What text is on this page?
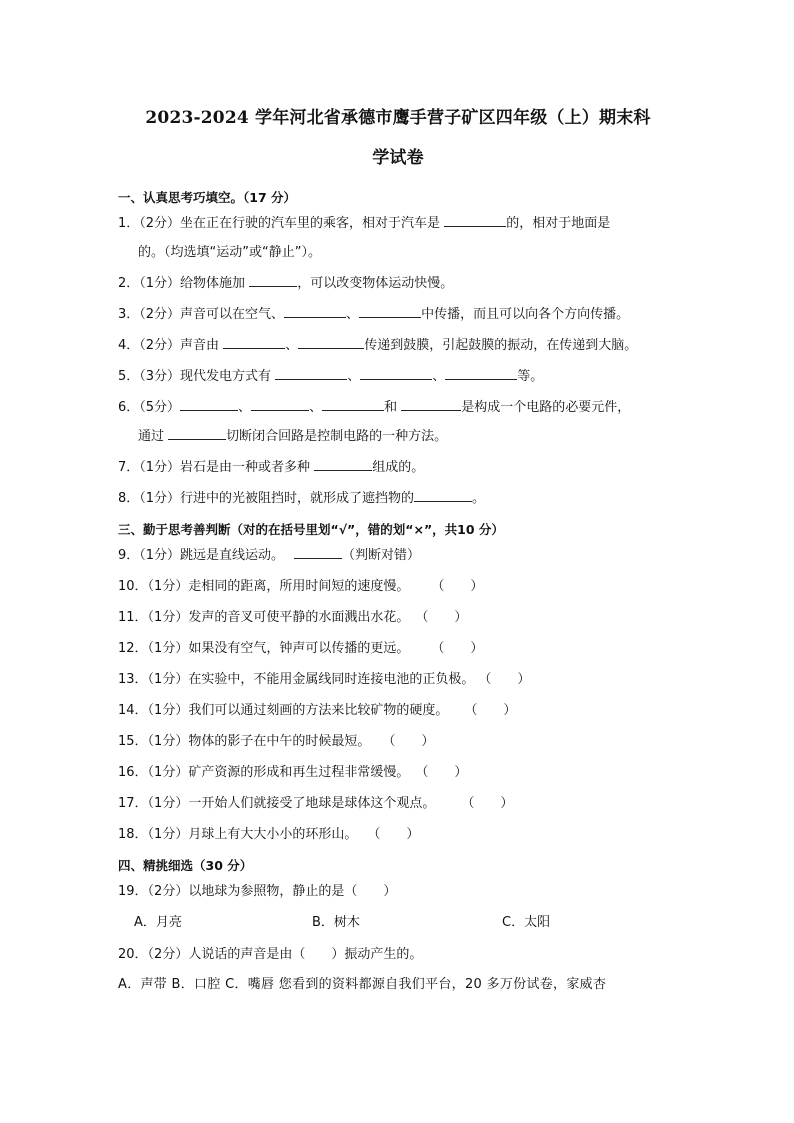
2023-2024 学年河北省承德市鹰手营子矿区四年级（上）期末科
学试卷
一、认真思考巧填空。（17 分）
1．（2分）坐在正在行驶的汽车里的乘客，相对于汽车是	的，相对于地面是
的。（均选填“运动”或“静止”）。
2．（1分）给物体施加	，可以改变物体运动快慢。
3．（2分）声音可以在空气、	、	中传播，而且可以向各个方向传播。
4．（2分）声音由	、	传递到鼓膜，引起鼓膜的振动，在传递到大脑。
5．（3分）现代发电方式有	、	、	等。
6．（5分）	、	、	和	是构成一个电路的必要元件，
通过	切断闭合回路是控制电路的一种方法。
7．（1分）岩石是由一种或者多种	组成的。
8．（1分）行进中的光被阻挡时，就形成了遮挡物的	。
三、勤于思考善判断（对的在括号里划“√”，错的划“×”，共10 分）
9．（1分）跳远是直线运动。	（判断对错）
10．（1分）走相同的距离，所用时间短的速度慢。 （　　）
11．（1分）发声的音叉可使平静的水面溅出水花。 （　　）
12．（1分）如果没有空气，钟声可以传播的更远。 （　　）
13．（1分）在实验中，不能用金属线同时连接电池的正负极。 （　　）
14．（1分）我们可以通过刻画的方法来比较矿物的硬度。 （　　）
15．（1分）物体的影子在中午的时候最短。 （　　）
16．（1分）矿产资源的形成和再生过程非常缓慢。 （　　）
17．（1分）一开始人们就接受了地球是球体这个观点。 （　　）
18．（1分）月球上有大大小小的环形山。 （　　）
四、精挑细选（30 分）
19．（2分）以地球为参照物，静止的是（　　）
A．月亮	B．树木	C．太阳
20．（2分）人说话的声音是由（　　）振动产生的。
A．声带 B．口腔 C．嘴唇 您看到的资料都源自我们平台，20 多万份试卷，家威杏
